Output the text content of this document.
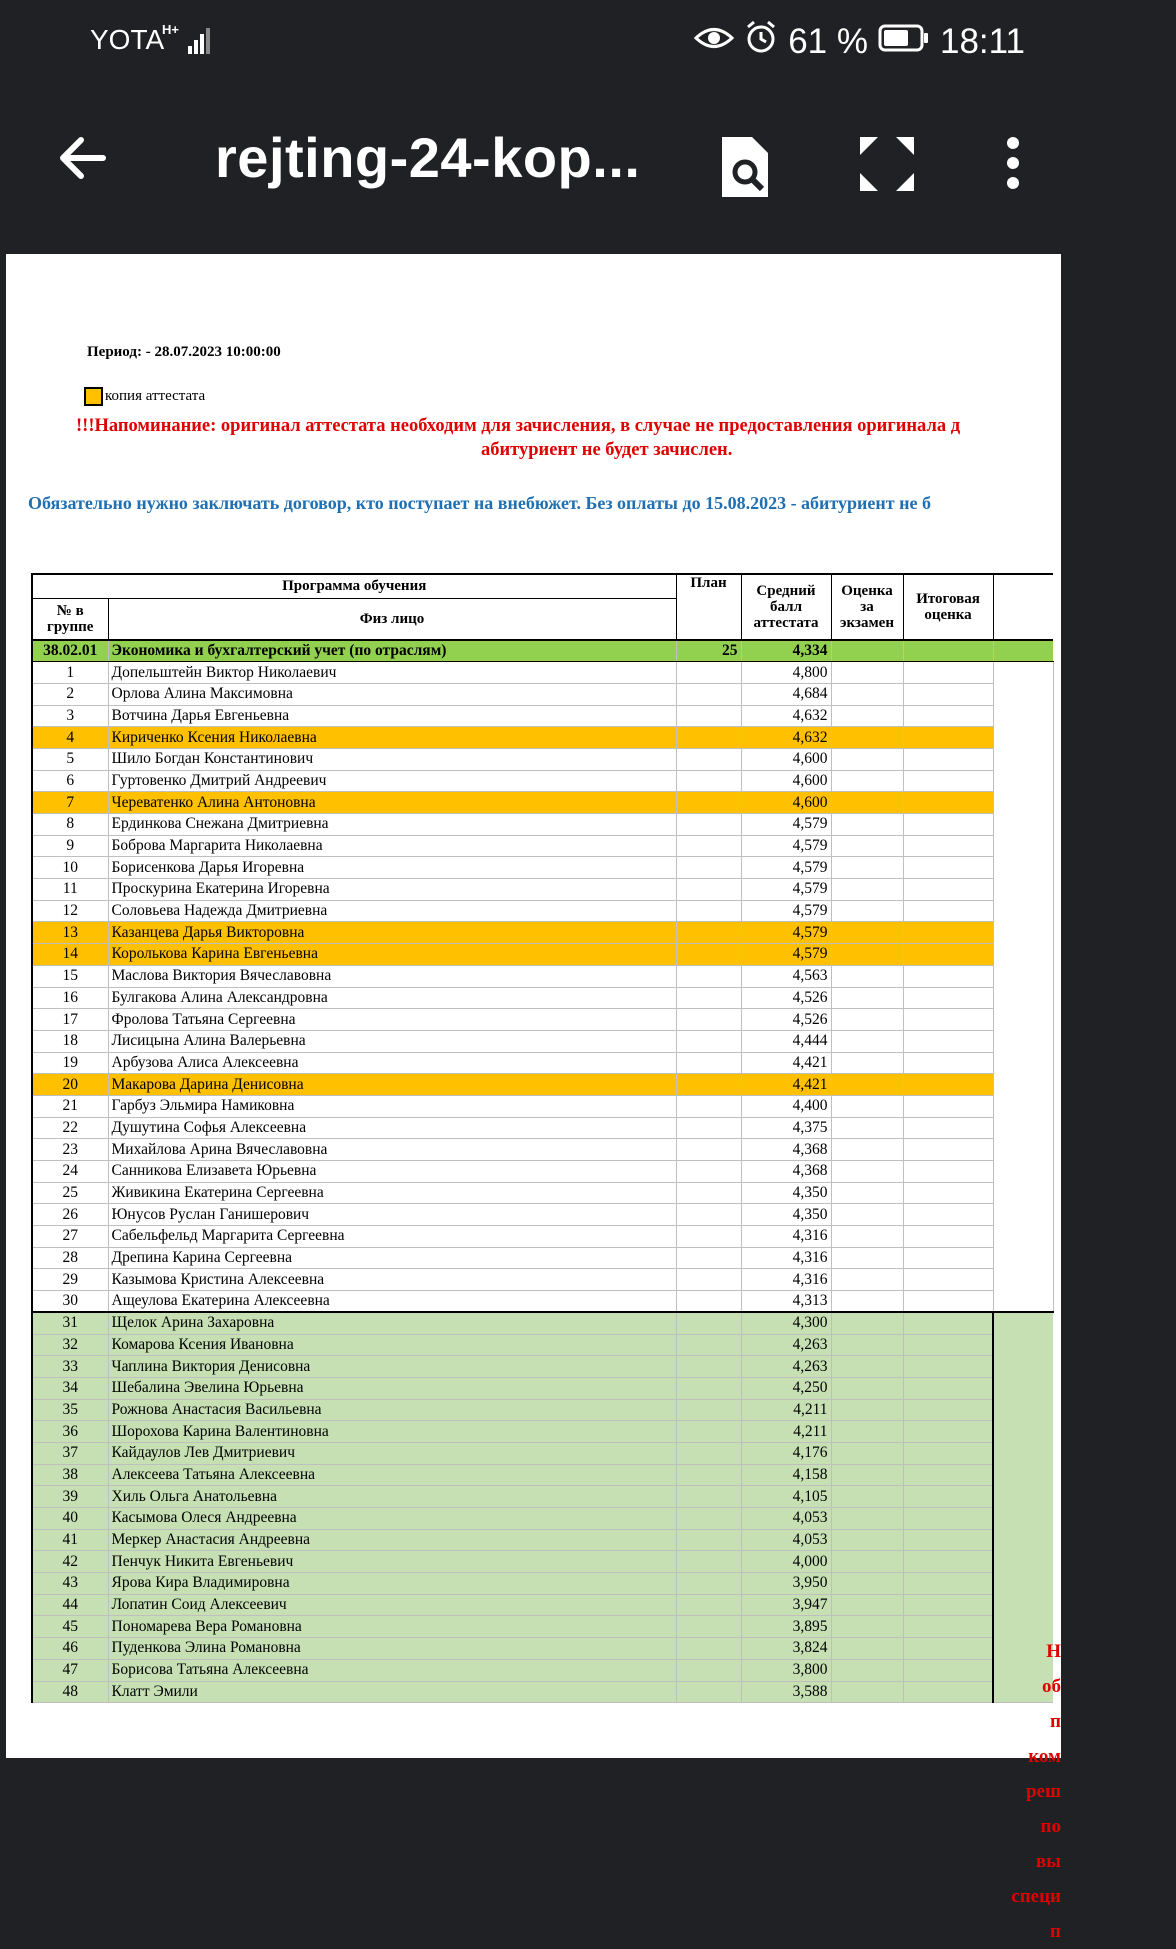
YOTA
H+	61 % 18:11
rejting-24-kop...
Период: - 28.07.2023 10:00:00
копия аттестата
!!!Напоминание: оригинал аттестата необходим для зачисления, в случае не предоставления оригинала д
абитуриент не будет зачислен.
Обязательно нужно заключать договор, кто поступает на внебюжет. Без оплаты до 15.08.2023 - абитуриент не б
Программа обучения		План	Средний балл аттестата	Оценка за экзамен	Итоговая оценка	
№ в группе	Физ лицо					
38.02.01	Экономика и бухгалтерский учет (по отраслям)	25	4,334			
1	Допельштейн Виктор Николаевич		4,800			
2	Орлова Алина Максимовна		4,684			
3	Вотчина Дарья Евгеньевна		4,632			
4	Кириченко Ксения Николаевна		4,632			
5	Шило Богдан Константинович		4,600			
6	Гуртовенко Дмитрий Андреевич		4,600			
7	Череватенко Алина Антоновна		4,600			
8	Ердинкова Снежана Дмитриевна		4,579			
9	Боброва Маргарита Николаевна		4,579			
10	Борисенкова Дарья Игоревна		4,579			
11	Проскурина Екатерина Игоревна		4,579			
12	Соловьева Надежда Дмитриевна		4,579			
13	Казанцева Дарья Викторовна		4,579			
14	Королькова Карина Евгеньевна		4,579			
15	Маслова Виктория Вячеславовна		4,563			
16	Булгакова Алина Александровна		4,526			
17	Фролова Татьяна Сергеевна		4,526			
18	Лисицына Алина Валерьевна		4,444			
19	Арбузова Алиса Алексеевна		4,421			
20	Макарова Дарина Денисовна		4,421			
21	Гарбуз Эльмира Намиковна		4,400			
22	Душутина Софья Алексеевна		4,375			
23	Михайлова Арина Вячеславовна		4,368			
24	Санникова Елизавета Юрьевна		4,368			
25	Живикина Екатерина Сергеевна		4,350			
26	Юнусов Руслан Ганишерович		4,350			
27	Сабельфельд Маргарита Сергеевна		4,316			
28	Дрепина Карина Сергеевна		4,316			
29	Казымова Кристина Алексеевна		4,316			
30	Ащеулова Екатерина Алексеевна		4,313			
31	Щелок Арина Захаровна		4,300			
32	Комарова Ксения Ивановна		4,263			
33	Чаплина Виктория Денисовна		4,263			
34	Шебалина Эвелина Юрьевна		4,250			
35	Рожнова Анастасия Васильевна		4,211			
36	Шорохова Карина Валентиновна		4,211			
37	Кайдаулов Лев Дмитриевич		4,176			
38	Алексеева Татьяна Алексеевна		4,158			
39	Хиль Ольга Анатольевна		4,105			
40	Касымова Олеся Андреевна		4,053			
41	Меркер Анастасия Андреевна		4,053			
42	Пенчук Никита Евгеньевич		4,000			
43	Ярова Кира Владимировна		3,950			
44	Лопатин Соид Алексеевич		3,947			
45	Пономарева Вера Романовна		3,895			
46	Пуденкова Элина Романовна		3,824			
47	Борисова Татьяна Алексеевна		3,800			
48	Клатт Эмили		3,588			
Н
об
п
ком
реш
по
вы
специ
п
